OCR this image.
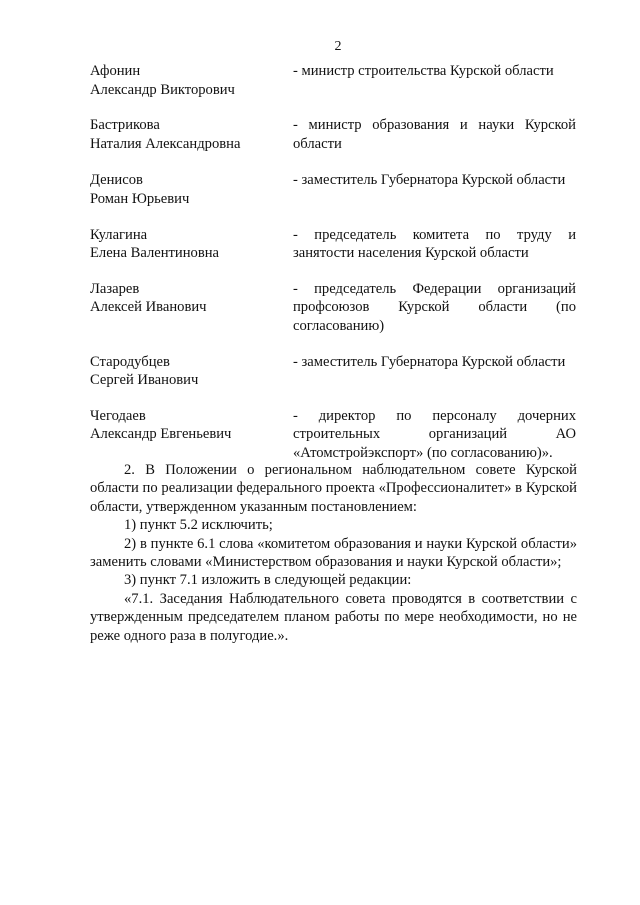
2
Афонин
Александр Викторович
- министр строительства Курской области
Бастрикова
Наталия Александровна
- министр образования и науки Курской области
Денисов
Роман Юрьевич
- заместитель Губернатора Курской области
Кулагина
Елена Валентиновна
- председатель комитета по труду и занятости населения Курской области
Лазарев
Алексей Иванович
- председатель Федерации организаций профсоюзов Курской области (по согласованию)
Стародубцев
Сергей Иванович
- заместитель Губернатора Курской области
Чегодаев
Александр Евгеньевич
- директор по персоналу дочерних строительных организаций АО «Атомстройэкспорт» (по согласованию)».

2. В Положении о региональном наблюдательном совете Курской области по реализации федерального проекта «Профессионалитет» в Курской области, утвержденном указанным постановлением:

1) пункт 5.2 исключить;

2) в пункте 6.1 слова «комитетом образования и науки Курской области» заменить словами «Министерством образования и науки Курской области»;

3) пункт 7.1 изложить в следующей редакции:

«7.1. Заседания Наблюдательного совета проводятся в соответствии с утвержденным председателем планом работы по мере необходимости, но не реже одного раза в полугодие.».
